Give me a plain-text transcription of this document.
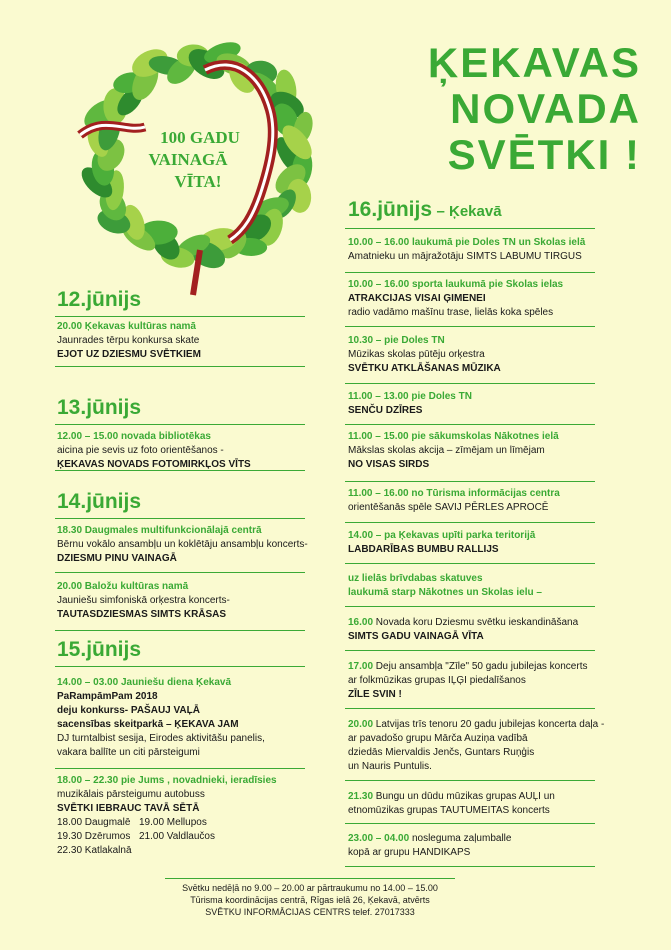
100 GADU
VAINAGĀ
VĪTA!
ĶEKAVAS
NOVADA
SVĒTKI !
16.jūnijs – Ķekavā
10.00 – 16.00 laukumā pie Doles TN un Skolas ielā
Amatnieku un mājražotāju SIMTS LABUMU TIRGUS
10.00 – 16.00 sporta laukumā pie Skolas ielas
ATRAKCIJAS VISAI ĢIMENEI
radio vadāmo mašīnu trase, lielās koka spēles
10.30 – pie Doles TN
Mūzikas skolas pūtēju orķestra
SVĒTKU ATKLĀŠANAS MŪZIKA
11.00 – 13.00 pie Doles TN
SENČU DZĪRES
11.00 – 15.00 pie sākumskolas Nākotnes ielā
Mākslas skolas akcija – zīmējam un līmējam
NO VISAS SIRDS
11.00 – 16.00 no Tūrisma informācijas centra
orientēšanās spēle SAVIJ PĒRLES APROCĒ
14.00 – pa Ķekavas upīti parka teritorijā
LABDARĪBAS BUMBU RALLIJS
uz lielās brīvdabas skatuves
laukumā starp Nākotnes un Skolas ielu –
16.00 Novada koru Dziesmu svētku ieskandināšana
SIMTS GADU VAINAGĀ VĪTA
17.00 Deju ansambļa "Zīle" 50 gadu jubilejas koncerts
ar folkmūzikas grupas IĻĢI piedalīšanos
ZĪLE SVIN !
20.00 Latvijas trīs tenoru 20 gadu jubilejas koncerta daļa -
ar pavadošo grupu Mārča Auziņa vadībā
dziedās Miervaldis Jenčs, Guntars Ruņģis
un Nauris Puntulis.
21.30 Bungu un dūdu mūzikas grupas AUĻI un
etnomūzikas grupas TAUTUMEITAS koncerts
23.00 – 04.00 nosleguma zaļumballe
kopā ar grupu HANDIKAPS
12.jūnijs
20.00 Ķekavas kultūras namā
Jaunrades tērpu konkursa skate
EJOT UZ DZIESMU SVĒTKIEM
13.jūnijs
12.00 – 15.00 novada bibliotēkas
aicina pie sevis uz foto orientēšanos -
ĶEKAVAS NOVADS FOTOMIRKĻOS VĪTS
14.jūnijs
18.30 Daugmales multifunkcionālajā centrā
Bērnu vokālo ansambļu un koklētāju ansambļu koncerts-
DZIESMU PINU VAINAGĀ
20.00 Baložu kultūras namā
Jauniešu simfoniskā orķestra koncerts-
TAUTASDZIESMAS SIMTS KRĀSAS
15.jūnijs
14.00 – 03.00 Jauniešu diena Ķekavā
PaRampāmPam 2018
deju konkurss- PAŠAUJ VAĻĀ
sacensības skeitparkā – ĶEKAVA JAM
DJ turntalbist sesija, Eirodes aktivitāšu panelis,
vakara ballīte un citi pārsteigumi
18.00 – 22.30 pie Jums , novadnieki, ieradīsies
muzikālais pārsteigumu autobuss
SVĒTKI IEBRAUC TAVĀ SĒTĀ
18.00 Daugmalē 19.00 Mellupos
19.30 Dzērumos 21.00 Valdlaučos
22.30 Katlakalnā
Svētku nedēļā no 9.00 – 20.00 ar pārtraukumu no 14.00 – 15.00
Tūrisma koordinācijas centrā, Rīgas ielā 26, Ķekavā, atvērts
SVĒTKU INFORMĀCIJAS CENTRS telef. 27017333
